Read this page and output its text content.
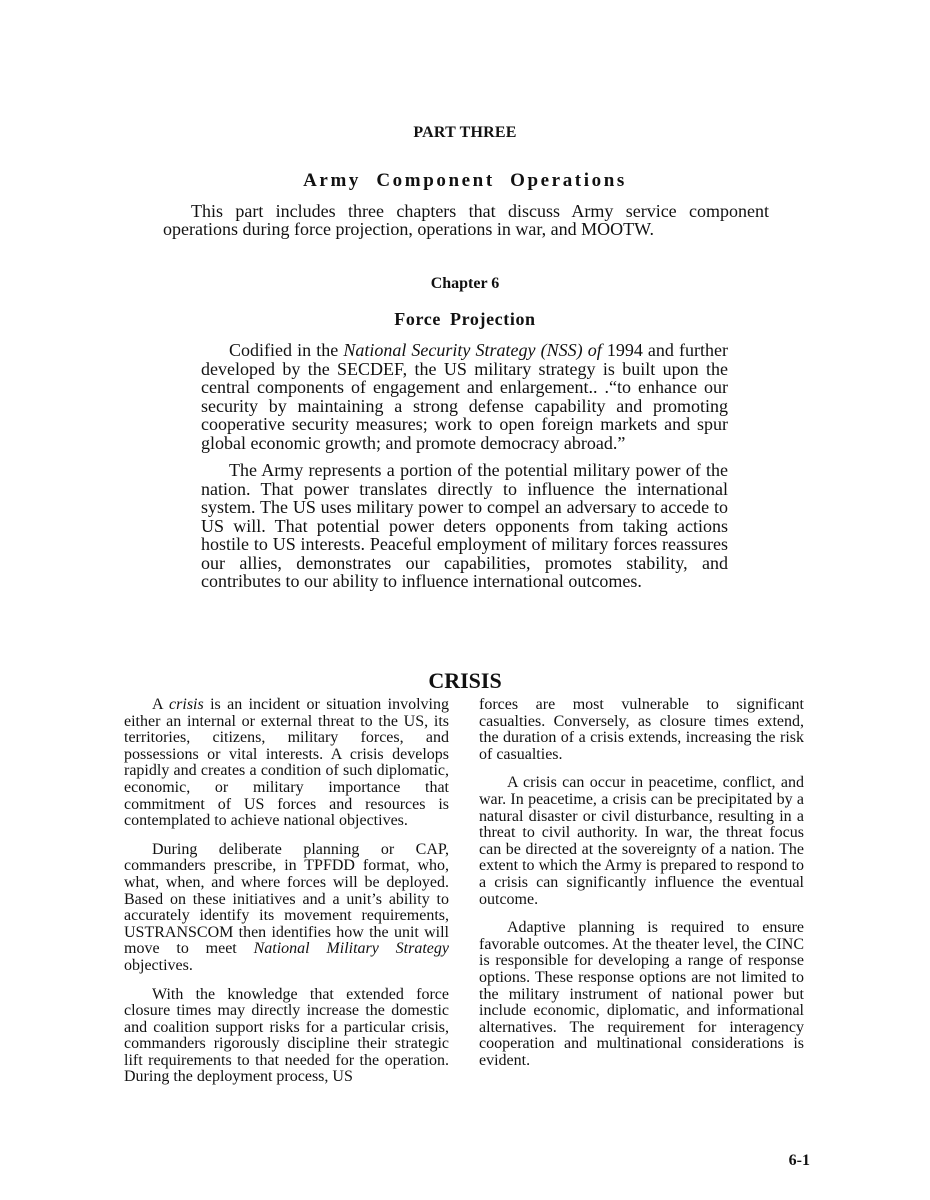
PART THREE
Army Component Operations
This part includes three chapters that discuss Army service component operations during force projection, operations in war, and MOOTW.
Chapter 6
Force Projection

Codified in the National Security Strategy (NSS) of 1994 and further developed by the SECDEF, the US military strategy is built upon the central components of engagement and enlargement.. .“to enhance our security by maintaining a strong defense capability and promoting cooperative security measures; work to open foreign markets and spur global economic growth; and promote democracy abroad.”

The Army represents a portion of the potential military power of the nation. That power translates directly to influence the international system. The US uses military power to compel an adversary to accede to US will. That potential power deters opponents from taking actions hostile to US interests. Peaceful employment of military forces reassures our allies, demonstrates our capabilities, promotes stability, and contributes to our ability to influence international outcomes.

CRISIS

A crisis is an incident or situation involving either an internal or external threat to the US, its territories, citizens, military forces, and possessions or vital interests. A crisis develops rapidly and creates a condition of such diplomatic, economic, or military importance that commitment of US forces and resources is contemplated to achieve national objectives.

During deliberate planning or CAP, commanders prescribe, in TPFDD format, who, what, when, and where forces will be deployed. Based on these initiatives and a unit’s ability to accurately identify its movement requirements, USTRANSCOM then identifies how the unit will move to meet National Military Strategy objectives.

With the knowledge that extended force closure times may directly increase the domestic and coalition support risks for a particular crisis, commanders rigorously discipline their strategic lift requirements to that needed for the operation. During the deployment process, US

forces are most vulnerable to significant casualties. Conversely, as closure times extend, the duration of a crisis extends, increasing the risk of casualties.

A crisis can occur in peacetime, conflict, and war. In peacetime, a crisis can be precipitated by a natural disaster or civil disturbance, resulting in a threat to civil authority. In war, the threat focus can be directed at the sovereignty of a nation. The extent to which the Army is prepared to respond to a crisis can significantly influence the eventual outcome.

Adaptive planning is required to ensure favorable outcomes. At the theater level, the CINC is responsible for developing a range of response options. These response options are not limited to the military instrument of national power but include economic, diplomatic, and informational alternatives. The requirement for interagency cooperation and multinational considerations is evident.

6-1
